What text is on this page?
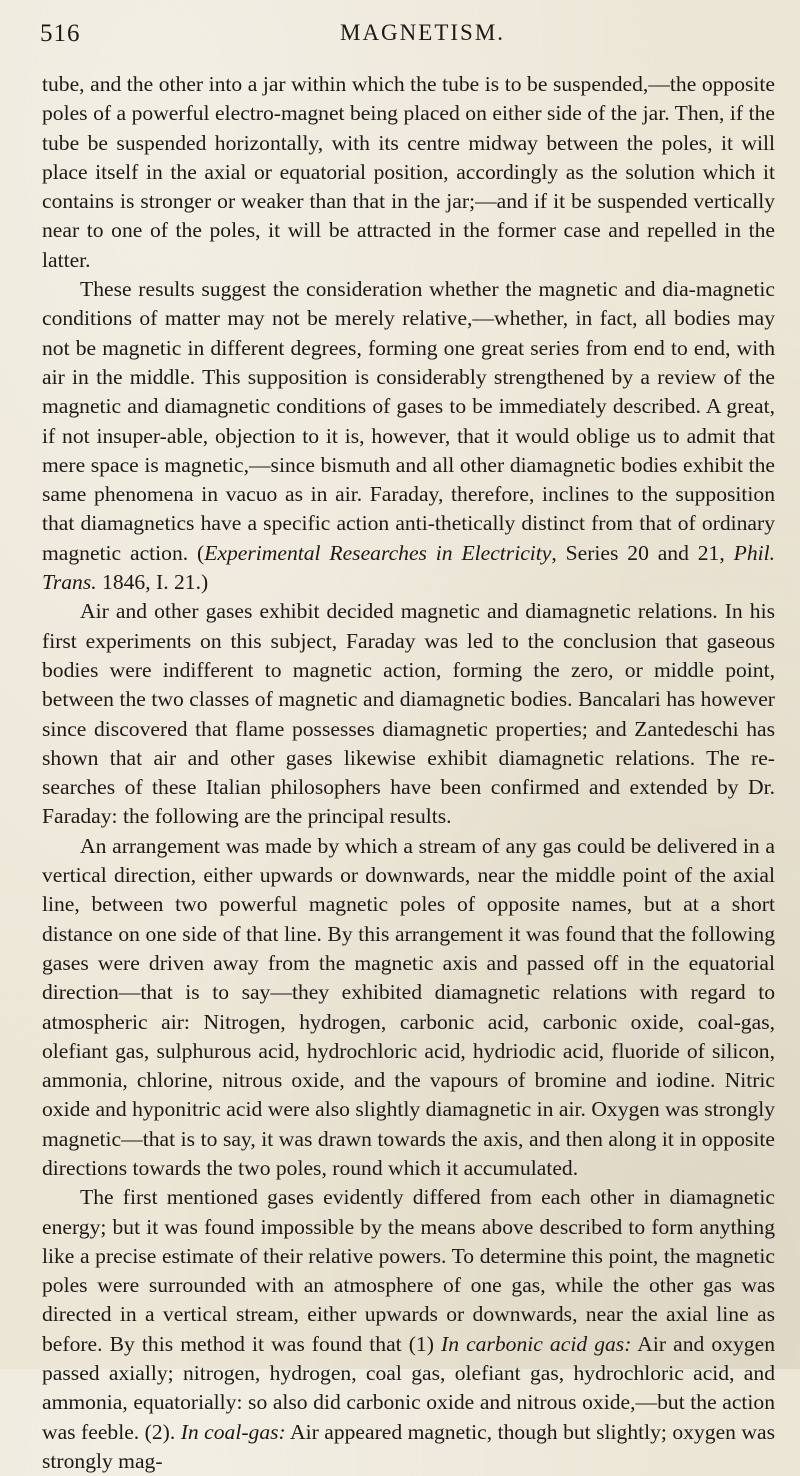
516	MAGNETISM.

tube, and the other into a jar within which the tube is to be suspended,—the opposite poles of a powerful electro-magnet being placed on either side of the jar. Then, if the tube be suspended horizontally, with its centre midway between the poles, it will place itself in the axial or equatorial position, accordingly as the solution which it contains is stronger or weaker than that in the jar;—and if it be suspended vertically near to one of the poles, it will be attracted in the former case and repelled in the latter.

These results suggest the consideration whether the magnetic and dia-magnetic conditions of matter may not be merely relative,—whether, in fact, all bodies may not be magnetic in different degrees, forming one great series from end to end, with air in the middle. This supposition is considerably strengthened by a review of the magnetic and diamagnetic conditions of gases to be immediately described. A great, if not insuper-able, objection to it is, however, that it would oblige us to admit that mere space is magnetic,—since bismuth and all other diamagnetic bodies exhibit the same phenomena in vacuo as in air. Faraday, therefore, inclines to the supposition that diamagnetics have a specific action anti-thetically distinct from that of ordinary magnetic action. (Experimental Researches in Electricity, Series 20 and 21, Phil. Trans. 1846, I. 21.)

Air and other gases exhibit decided magnetic and diamagnetic relations. In his first experiments on this subject, Faraday was led to the conclusion that gaseous bodies were indifferent to magnetic action, forming the zero, or middle point, between the two classes of magnetic and diamagnetic bodies. Bancalari has however since discovered that flame possesses diamagnetic properties; and Zantedeschi has shown that air and other gases likewise exhibit diamagnetic relations. The re-searches of these Italian philosophers have been confirmed and extended by Dr. Faraday: the following are the principal results.

An arrangement was made by which a stream of any gas could be delivered in a vertical direction, either upwards or downwards, near the middle point of the axial line, between two powerful magnetic poles of opposite names, but at a short distance on one side of that line. By this arrangement it was found that the following gases were driven away from the magnetic axis and passed off in the equatorial direction—that is to say—they exhibited diamagnetic relations with regard to atmospheric air: Nitrogen, hydrogen, carbonic acid, carbonic oxide, coal-gas, olefiant gas, sulphurous acid, hydrochloric acid, hydriodic acid, fluoride of silicon, ammonia, chlorine, nitrous oxide, and the vapours of bromine and iodine. Nitric oxide and hyponitric acid were also slightly diamagnetic in air. Oxygen was strongly magnetic—that is to say, it was drawn towards the axis, and then along it in opposite directions towards the two poles, round which it accumulated.

The first mentioned gases evidently differed from each other in diamagnetic energy; but it was found impossible by the means above described to form anything like a precise estimate of their relative powers. To determine this point, the magnetic poles were surrounded with an atmosphere of one gas, while the other gas was directed in a vertical stream, either upwards or downwards, near the axial line as before. By this method it was found that (1) In carbonic acid gas: Air and oxygen passed axially; nitrogen, hydrogen, coal gas, olefiant gas, hydrochloric acid, and ammonia, equatorially: so also did carbonic oxide and nitrous oxide,—but the action was feeble. (2). In coal-gas: Air appeared magnetic, though but slightly; oxygen was strongly mag-
